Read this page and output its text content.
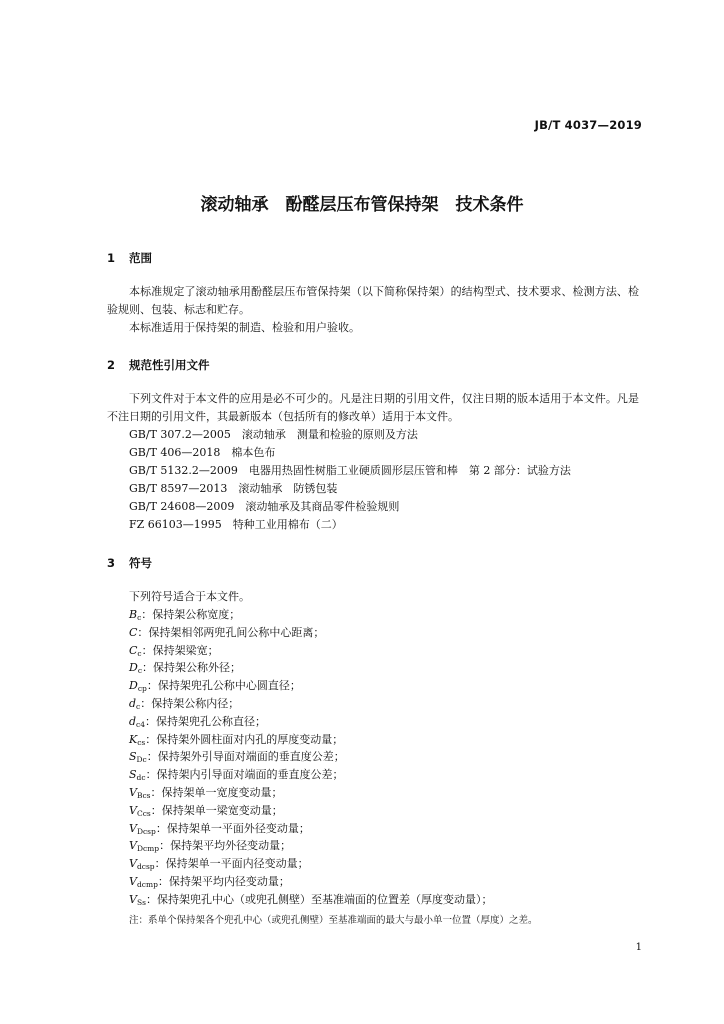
JB/T 4037—2019
滚动轴承　酚醛层压布管保持架　技术条件
1 范围

本标准规定了滚动轴承用酚醛层压布管保持架（以下简称保持架）的结构型式、技术要求、检测方法、检验规则、包装、标志和贮存。

本标准适用于保持架的制造、检验和用户验收。

2 规范性引用文件

下列文件对于本文件的应用是必不可少的。凡是注日期的引用文件，仅注日期的版本适用于本文件。凡是不注日期的引用文件，其最新版本（包括所有的修改单）适用于本文件。

GB/T 307.2—2005　滚动轴承　测量和检验的原则及方法

GB/T 406—2018　棉本色布

GB/T 5132.2—2009　电器用热固性树脂工业硬质圆形层压管和棒　第 2 部分：试验方法

GB/T 8597—2013　滚动轴承　防锈包装

GB/T 24608—2009　滚动轴承及其商品零件检验规则

FZ 66103—1995　特种工业用棉布（二）

3 符号

下列符号适合于本文件。

$B_c$：保持架公称宽度；

C：保持架相邻两兜孔间公称中心距离；

$C_c$：保持架梁宽；

$D_c$：保持架公称外径；

$D_{cp}$：保持架兜孔公称中心圆直径；

$d_c$：保持架公称内径；

$d_{c4}$：保持架兜孔公称直径；

$K_{cs}$：保持架外圆柱面对内孔的厚度变动量；

$S_{Dc}$：保持架外引导面对端面的垂直度公差；

$S_{dc}$：保持架内引导面对端面的垂直度公差；

$V_{Bcs}$：保持架单一宽度变动量；

$V_{Ccs}$：保持架单一梁宽变动量；

$V_{Dcsp}$：保持架单一平面外径变动量；

$V_{Dcmp}$：保持架平均外径变动量；

$V_{dcsp}$：保持架单一平面内径变动量；

$V_{dcmp}$：保持架平均内径变动量；

$V_{Ss}$：保持架兜孔中心（或兜孔侧壁）至基准端面的位置差（厚度变动量）；

注：系单个保持架各个兜孔中心（或兜孔侧壁）至基准端面的最大与最小单一位置（厚度）之差。
1
